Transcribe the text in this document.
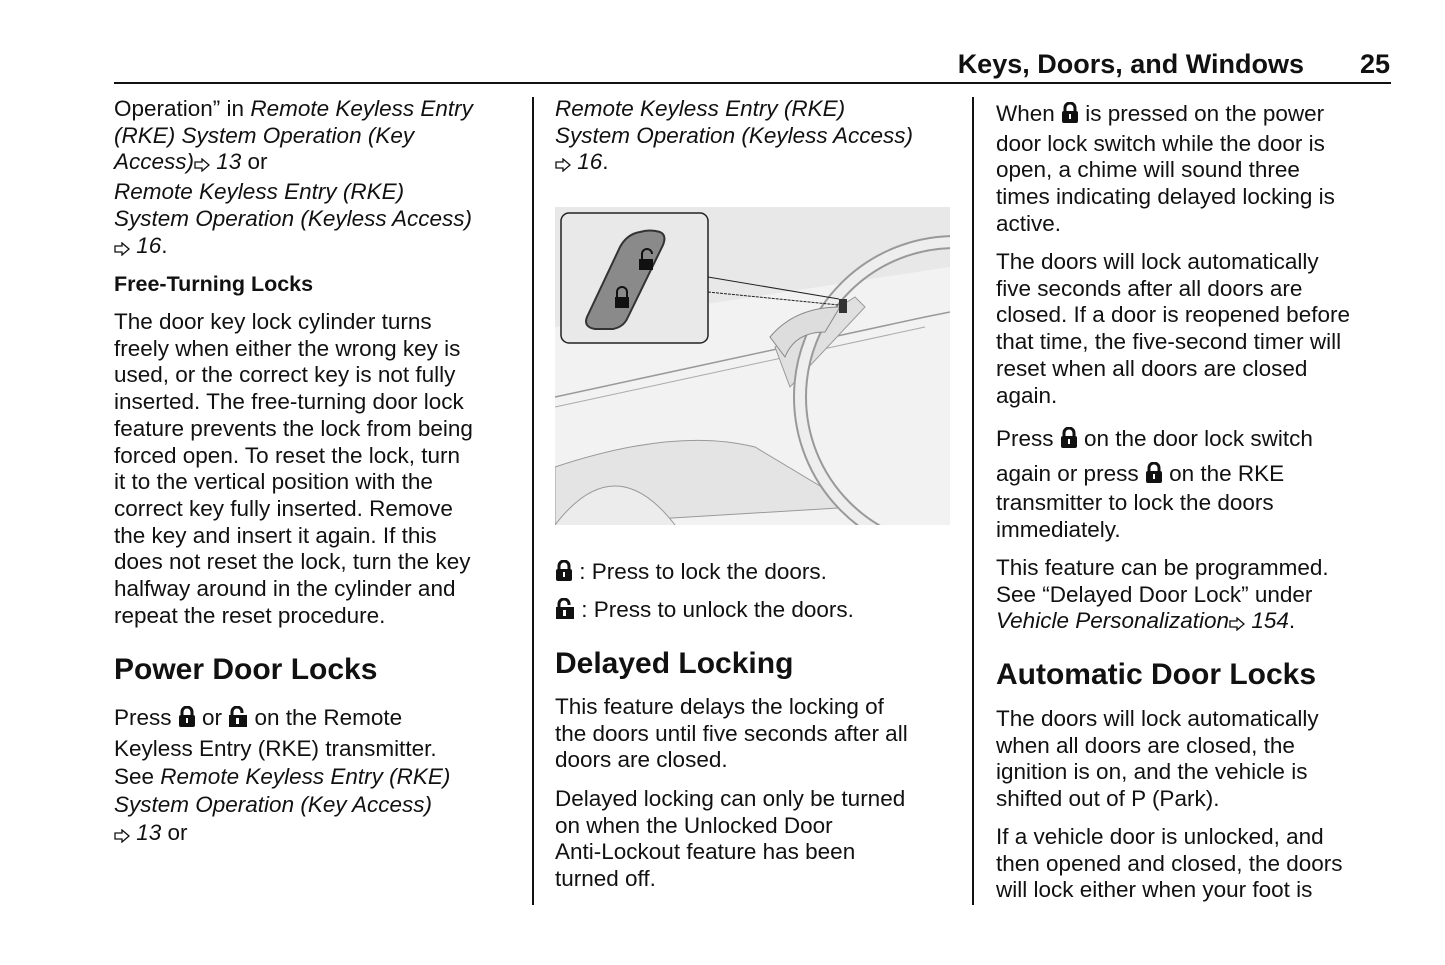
Keys, Doors, and Windows 25
Operation” in Remote Keyless Entry
(RKE) System Operation (Key
Access) 13 or
Remote Keyless Entry (RKE)
System Operation (Keyless Access)
16.
Free-Turning Locks
The door key lock cylinder turns
freely when either the wrong key is
used, or the correct key is not fully
inserted. The free-turning door lock
feature prevents the lock from being
forced open. To reset the lock, turn
it to the vertical position with the
correct key fully inserted. Remove
the key and insert it again. If this
does not reset the lock, turn the key
halfway around in the cylinder and
repeat the reset procedure.
Power Door Locks
Press  or  on the Remote
Keyless Entry (RKE) transmitter.
See Remote Keyless Entry (RKE)
System Operation (Key Access)
13 or
Remote Keyless Entry (RKE)
System Operation (Keyless Access)
16.
: Press to lock the doors.
: Press to unlock the doors.
Delayed Locking
This feature delays the locking of
the doors until five seconds after all
doors are closed.
Delayed locking can only be turned
on when the Unlocked Door
Anti-Lockout feature has been
turned off.
When  is pressed on the power
door lock switch while the door is
open, a chime will sound three
times indicating delayed locking is
active.
The doors will lock automatically
five seconds after all doors are
closed. If a door is reopened before
that time, the five-second timer will
reset when all doors are closed
again.
Press  on the door lock switch
again or press  on the RKE
transmitter to lock the doors
immediately.
This feature can be programmed.
See “Delayed Door Lock” under
Vehicle Personalization 154.
Automatic Door Locks
The doors will lock automatically
when all doors are closed, the
ignition is on, and the vehicle is
shifted out of P (Park).
If a vehicle door is unlocked, and
then opened and closed, the doors
will lock either when your foot is
